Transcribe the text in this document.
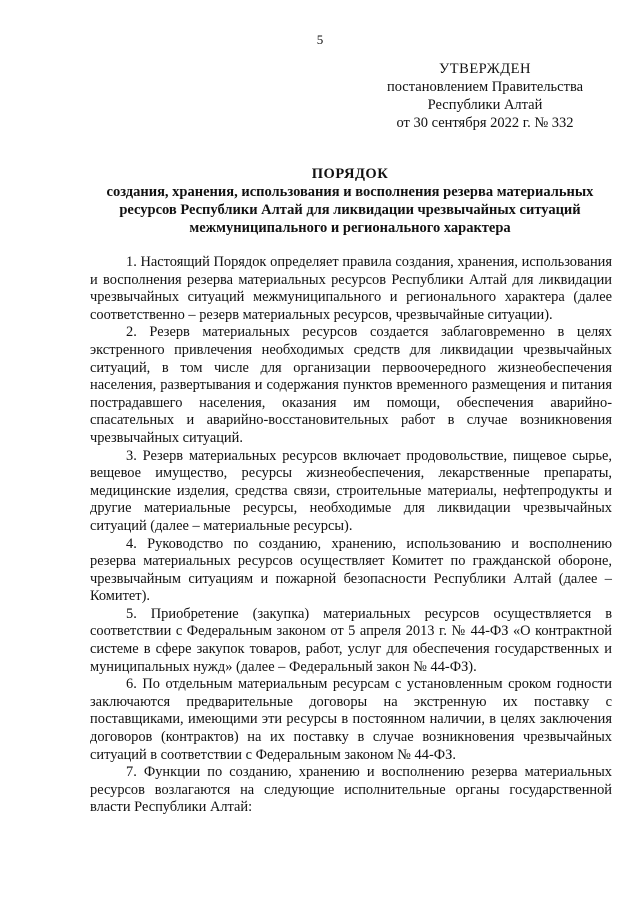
5
УТВЕРЖДЕН
постановлением Правительства
Республики Алтай
от 30 сентября 2022 г. № 332
ПОРЯДОК
создания, хранения, использования и восполнения резерва материальных ресурсов Республики Алтай для ликвидации чрезвычайных ситуаций межмуниципального и регионального характера

1. Настоящий Порядок определяет правила создания, хранения, использования и восполнения резерва материальных ресурсов Республики Алтай для ликвидации чрезвычайных ситуаций межмуниципального и регионального характера (далее соответственно – резерв материальных ресурсов, чрезвычайные ситуации).

2. Резерв материальных ресурсов создается заблаговременно в целях экстренного привлечения необходимых средств для ликвидации чрезвычайных ситуаций, в том числе для организации первоочередного жизнеобеспечения населения, развертывания и содержания пунктов временного размещения и питания пострадавшего населения, оказания им помощи, обеспечения аварийно-спасательных и аварийно-восстановительных работ в случае возникновения чрезвычайных ситуаций.

3. Резерв материальных ресурсов включает продовольствие, пищевое сырье, вещевое имущество, ресурсы жизнеобеспечения, лекарственные препараты, медицинские изделия, средства связи, строительные материалы, нефтепродукты и другие материальные ресурсы, необходимые для ликвидации чрезвычайных ситуаций (далее – материальные ресурсы).

4. Руководство по созданию, хранению, использованию и восполнению резерва материальных ресурсов осуществляет Комитет по гражданской обороне, чрезвычайным ситуациям и пожарной безопасности Республики Алтай (далее – Комитет).

5. Приобретение (закупка) материальных ресурсов осуществляется в соответствии с Федеральным законом от 5 апреля 2013 г. № 44-ФЗ «О контрактной системе в сфере закупок товаров, работ, услуг для обеспечения государственных и муниципальных нужд» (далее – Федеральный закон № 44-ФЗ).

6. По отдельным материальным ресурсам с установленным сроком годности заключаются предварительные договоры на экстренную их поставку с поставщиками, имеющими эти ресурсы в постоянном наличии, в целях заключения договоров (контрактов) на их поставку в случае возникновения чрезвычайных ситуаций в соответствии с Федеральным законом № 44-ФЗ.

7. Функции по созданию, хранению и восполнению резерва материальных ресурсов возлагаются на следующие исполнительные органы государственной власти Республики Алтай:
